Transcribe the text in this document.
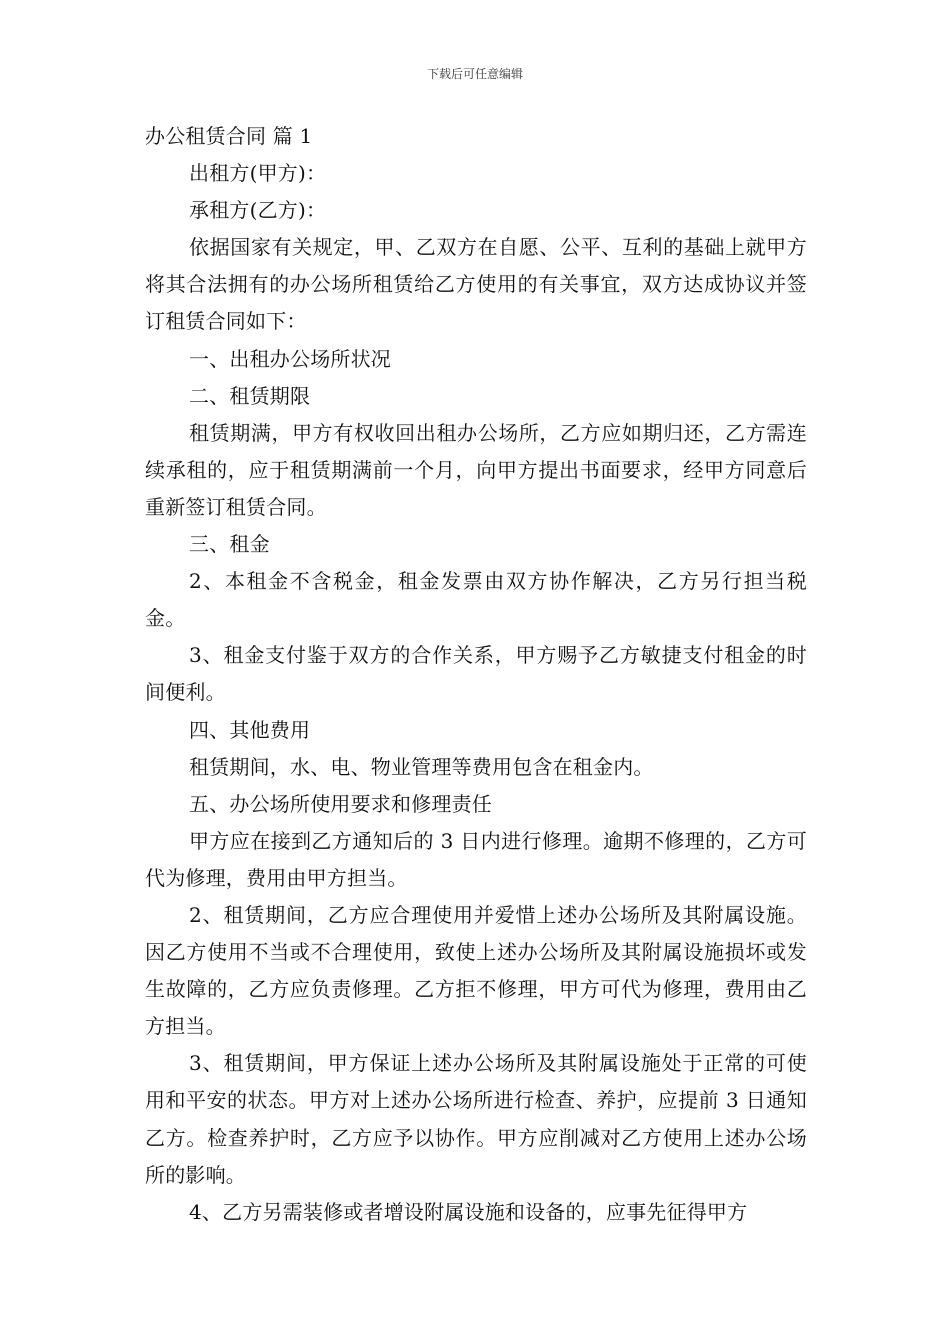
下载后可任意编辑

办公租赁合同 篇 1

出租方(甲方)：

承租方(乙方)：

依据国家有关规定，甲、乙双方在自愿、公平、互利的基础上就甲方将其合法拥有的办公场所租赁给乙方使用的有关事宜，双方达成协议并签订租赁合同如下：

一、出租办公场所状况

二、租赁期限

租赁期满，甲方有权收回出租办公场所，乙方应如期归还，乙方需连续承租的，应于租赁期满前一个月，向甲方提出书面要求，经甲方同意后重新签订租赁合同。

三、租金

2、本租金不含税金，租金发票由双方协作解决，乙方另行担当税金。

3、租金支付鉴于双方的合作关系，甲方赐予乙方敏捷支付租金的时间便利。

四、其他费用

租赁期间，水、电、物业管理等费用包含在租金内。

五、办公场所使用要求和修理责任

甲方应在接到乙方通知后的 3 日内进行修理。逾期不修理的，乙方可代为修理，费用由甲方担当。

2、租赁期间，乙方应合理使用并爱惜上述办公场所及其附属设施。因乙方使用不当或不合理使用，致使上述办公场所及其附属设施损坏或发生故障的，乙方应负责修理。乙方拒不修理，甲方可代为修理，费用由乙方担当。

3、租赁期间，甲方保证上述办公场所及其附属设施处于正常的可使用和平安的状态。甲方对上述办公场所进行检查、养护，应提前 3 日通知乙方。检查养护时，乙方应予以协作。甲方应削减对乙方使用上述办公场所的影响。

4、乙方另需装修或者增设附属设施和设备的，应事先征得甲方
